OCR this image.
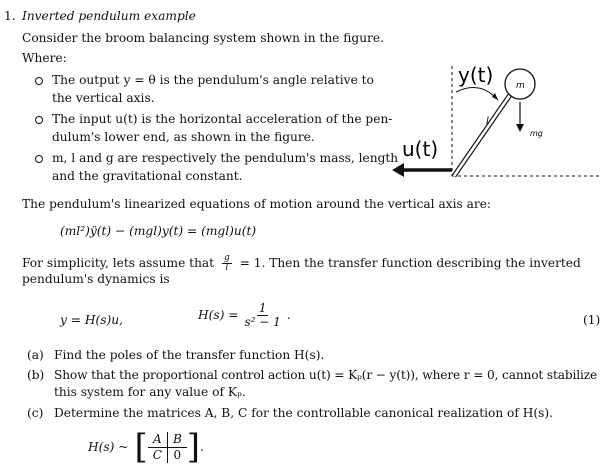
1. Inverted pendulum example
Consider the broom balancing system shown in the figure.
Where:
The output y = θ is the pendulum's angle relative to
the vertical axis.
The input u(t) is the horizontal acceleration of the pen-
dulum's lower end, as shown in the figure.
m, l and g are respectively the pendulum's mass, length
and the gravitational constant.
m
mg
l
y(t)
u(t)
The pendulum's linearized equations of motion around the vertical axis are:
(ml²)ÿ(t) − (mgl)y(t) = (mgl)u(t)
For simplicity, lets assume that $\frac{g}{l} = 1$. Then the transfer function describing the inverted
pendulum's dynamics is
y = H(s)u,	$H(s) = \frac{1}{\text{s² − 1}}$ .	(1)
(a) Find the poles of the transfer function H(s).
(b) Show that the proportional control action u(t) = Kₚ(r − y(t)), where r = 0, cannot stabilize
this system for any value of Kₚ.
(c) Determine the matrices A, B, C for the controllable canonical realization of H(s).
H(s) ~ [ A B
C 0 ] .
